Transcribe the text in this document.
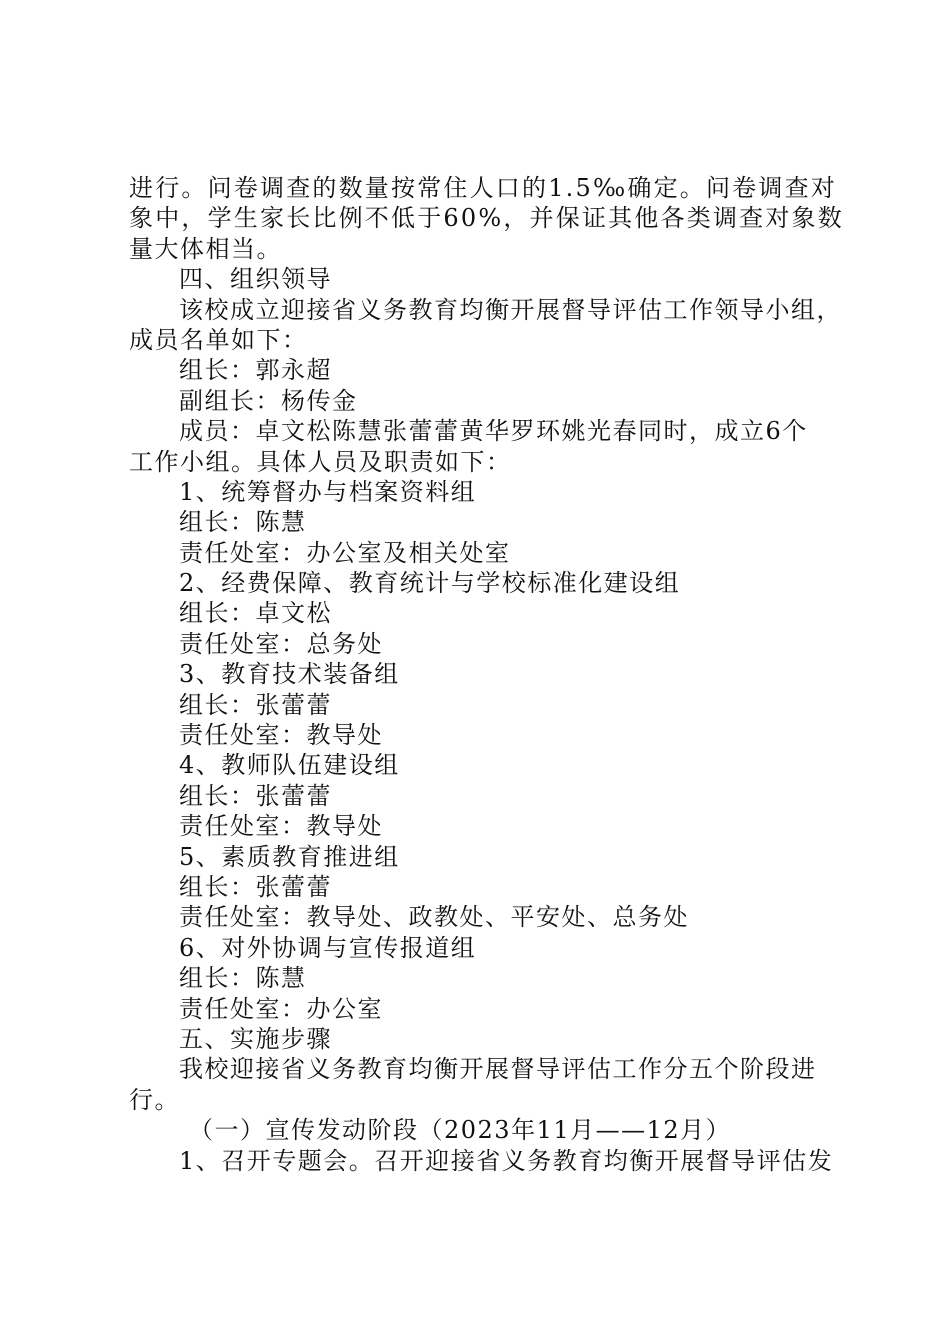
进行。问卷调查的数量按常住人口的1.5‰确定。问卷调查对
象中，学生家长比例不低于60%，并保证其他各类调查对象数
量大体相当。
四、组织领导
该校成立迎接省义务教育均衡开展督导评估工作领导小组，
成员名单如下：
组长：郭永超
副组长：杨传金
成员：卓文松陈慧张蕾蕾黄华罗环姚光春同时，成立6个
工作小组。具体人员及职责如下：
1、统筹督办与档案资料组
组长：陈慧
责任处室：办公室及相关处室
2、经费保障、教育统计与学校标准化建设组
组长：卓文松
责任处室：总务处
3、教育技术装备组
组长：张蕾蕾
责任处室：教导处
4、教师队伍建设组
组长：张蕾蕾
责任处室：教导处
5、素质教育推进组
组长：张蕾蕾
责任处室：教导处、政教处、平安处、总务处
6、对外协调与宣传报道组
组长：陈慧
责任处室：办公室
五、实施步骤
我校迎接省义务教育均衡开展督导评估工作分五个阶段进
行。
（一）宣传发动阶段（2023年11月——12月）
1、召开专题会。召开迎接省义务教育均衡开展督导评估发
